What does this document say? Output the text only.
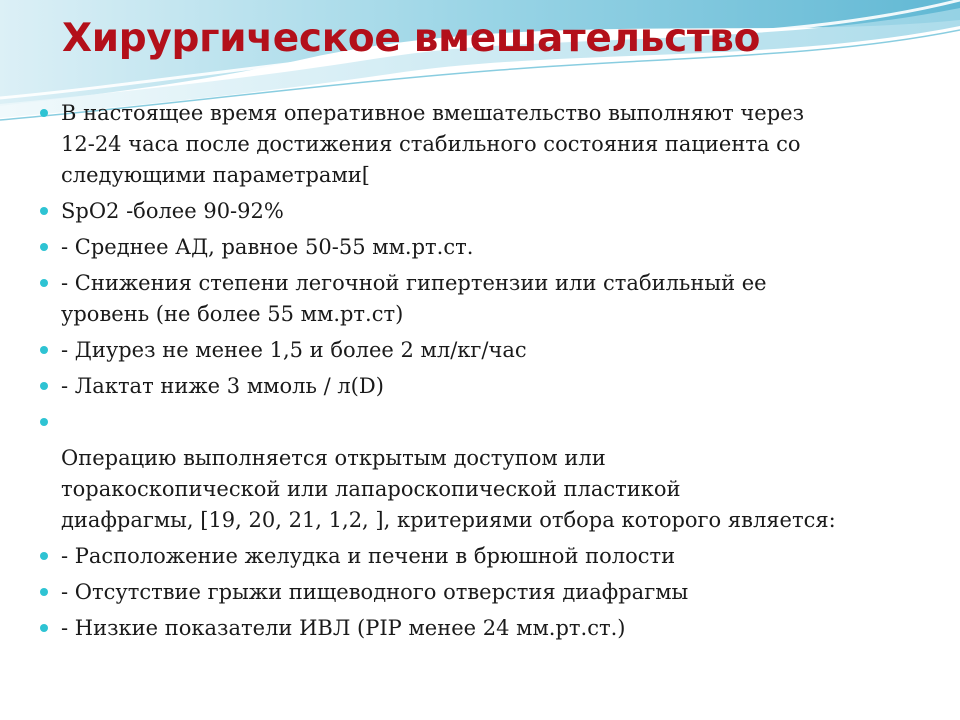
Хирургическое вмешательство
В настоящее время оперативное вмешательство выполняют через
12-24 часа после достижения стабильного состояния пациента со
следующими параметрами[
SpO2 -более 90-92%
- Среднее АД, равное 50-55 мм.рт.ст.
- Снижения степени легочной гипертензии или стабильный ее
уровень (не более 55 мм.рт.ст)
- Диурез не менее 1,5 и более 2 мл/кг/час
- Лактат ниже 3 ммоль / л(D)
Операцию выполняется открытым доступом или
торакоскопической или лапароскопической пластикой
диафрагмы, [19, 20, 21, 1,2, ], критериями отбора которого является:
- Расположение желудка и печени в брюшной полости
- Отсутствие грыжи пищеводного отверстия диафрагмы
- Низкие показатели ИВЛ (PIP менее 24 мм.рт.ст.)
